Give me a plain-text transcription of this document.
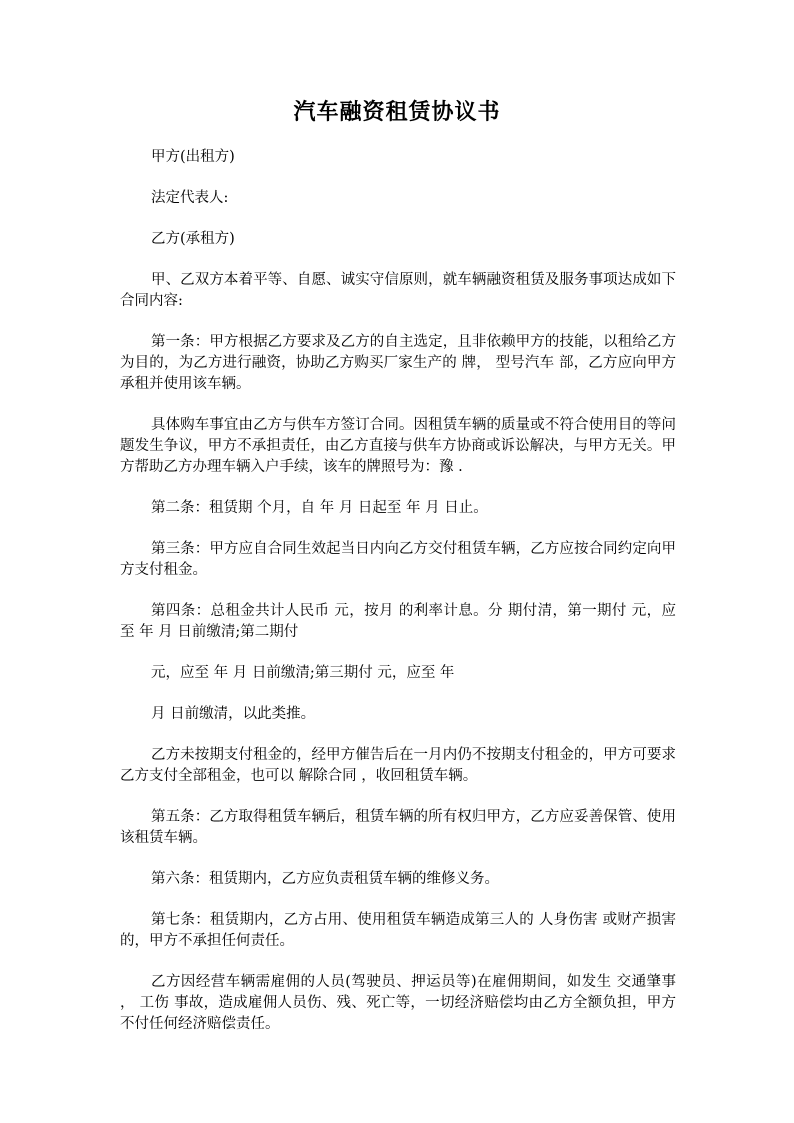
汽车融资租赁协议书

甲方(出租方)

法定代表人:

乙方(承租方)

甲、乙双方本着平等、自愿、诚实守信原则，就车辆融资租赁及服务事项达成如下合同内容:

第一条：甲方根据乙方要求及乙方的自主选定，且非依赖甲方的技能，以租给乙方为目的，为乙方进行融资，协助乙方购买厂家生产的 牌， 型号汽车 部，乙方应向甲方承租并使用该车辆。

具体购车事宜由乙方与供车方签订合同。因租赁车辆的质量或不符合使用目的等问题发生争议，甲方不承担责任，由乙方直接与供车方协商或诉讼解决，与甲方无关。甲方帮助乙方办理车辆入户手续，该车的牌照号为：豫 .

第二条：租赁期 个月，自 年 月 日起至 年 月 日止。

第三条：甲方应自合同生效起当日内向乙方交付租赁车辆，乙方应按合同约定向甲方支付租金。

第四条：总租金共计人民币 元，按月 的利率计息。分 期付清，第一期付 元，应至 年 月 日前缴清;第二期付

元，应至 年 月 日前缴清;第三期付 元，应至 年

月 日前缴清，以此类推。

乙方未按期支付租金的，经甲方催告后在一月内仍不按期支付租金的，甲方可要求乙方支付全部租金，也可以 解除合同 ，收回租赁车辆。

第五条：乙方取得租赁车辆后，租赁车辆的所有权归甲方，乙方应妥善保管、使用该租赁车辆。

第六条：租赁期内，乙方应负责租赁车辆的维修义务。

第七条：租赁期内，乙方占用、使用租赁车辆造成第三人的 人身伤害 或财产损害的，甲方不承担任何责任。

乙方因经营车辆需雇佣的人员(驾驶员、押运员等)在雇佣期间，如发生 交通肇事 ， 工伤 事故，造成雇佣人员伤、残、死亡等，一切经济赔偿均由乙方全额负担，甲方不付任何经济赔偿责任。
